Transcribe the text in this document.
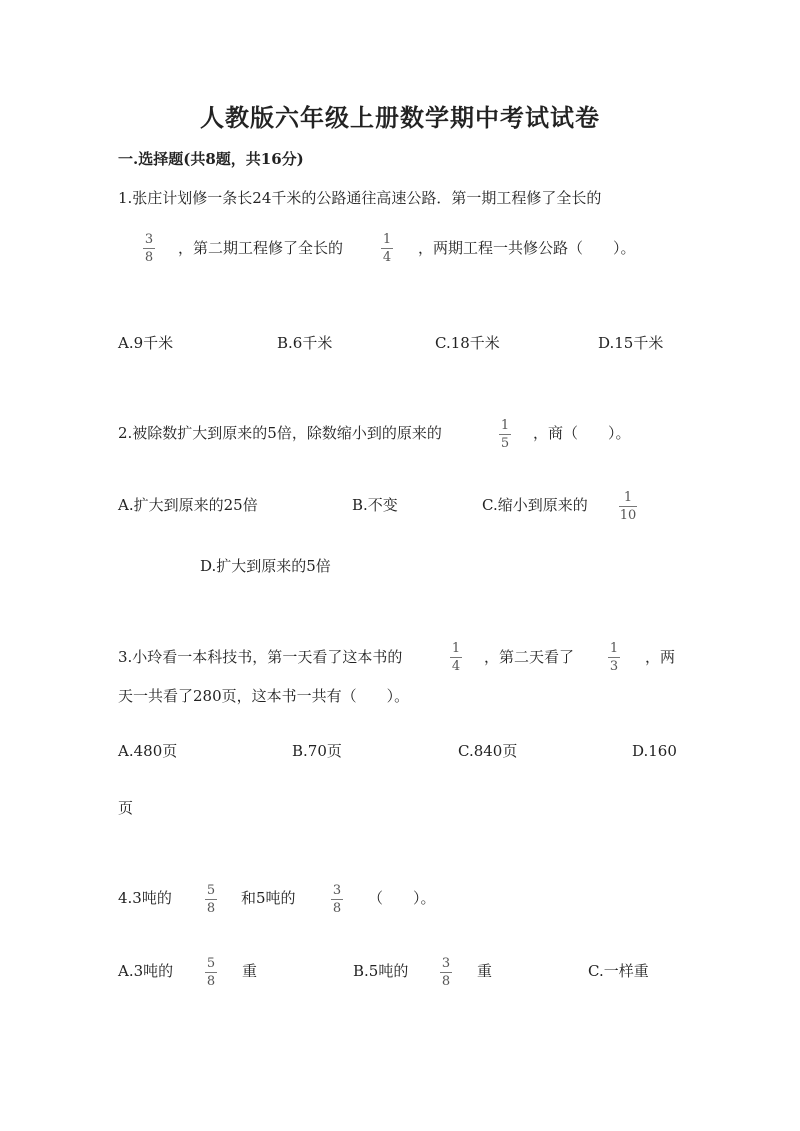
人教版六年级上册数学期中考试试卷
一.选择题(共8题，共16分)
1.张庄计划修一条长24千米的公路通往高速公路．第一期工程修了全长的
3
8
，第二期工程修了全长的	1
4
，两期工程一共修公路（　　）。
A.9千米	B.6千米	C.18千米	D.15千米
2.被除数扩大到原来的5倍，除数缩小到的原来的	1
5
，商（　　）。
A.扩大到原来的25倍	B.不变	C.缩小到原来的	1
10
D.扩大到原来的5倍
3.小玲看一本科技书，第一天看了这本书的	1
4
，第二天看了	1
3
，两
天一共看了280页，这本书一共有（　　）。
A.480页	B.70页	C.840页	D.160
页
4.3吨的	5
8
和5吨的	3
8
（　　）。
A.3吨的	5
8
重	B.5吨的	3
8
重	C.一样重
